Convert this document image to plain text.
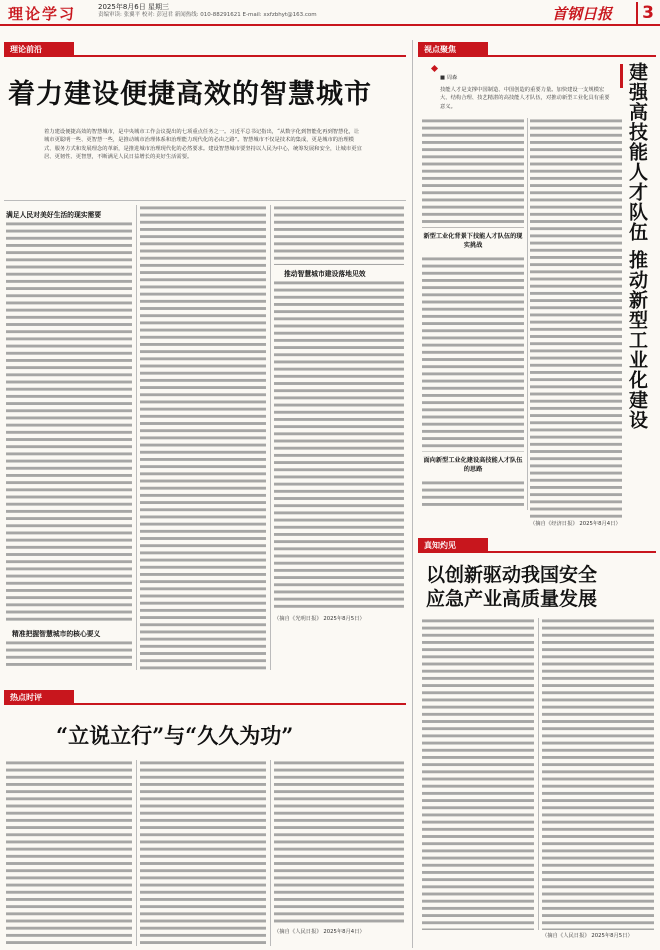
理论学习	2025年8月6日 星期三
责编审读: 张翼平 校对: 彭冠君 新闻热线: 010-88291621 E-mail: xxfzbhyt@163.com	首钢日报	3
理论前沿
着力建设便捷高效的智慧城市
着力建设便捷高效的智慧城市，是中央城市工作会议提出的七项重点任务之一。习近平总书记指出，“从数字化到智能化再到智慧化，让城市更聪明一些、更智慧一些，是推动城市治理体系和治理能力现代化的必由之路”。智慧城市不仅是技术的集成，更是城市的治理模式、服务方式和发展理念的革新，是推进城市治理现代化的必然要求。建设智慧城市要坚持以人民为中心，统筹发展和安全，让城市更宜居、更韧性、更智慧，不断满足人民日益增长的美好生活需要。
满足人民对美好生活的现实需要
精准把握智慧城市的核心要义
推动智慧城市建设落地见效
（摘自《光明日报》 2025年8月5日）
视点聚焦
建强高技能人才队伍 推动新型工业化建设
■ 周森
技能人才是支撑中国制造、中国创造的重要力量。加快建设一支规模宏大、结构合理、技艺精湛的高技能人才队伍，对推动新型工业化具有重要意义。
新型工业化背景下技能人才队伍的现实挑战
面向新型工业化建设高技能人才队伍的思路
（摘自《经济日报》 2025年8月4日）
真知灼见
以创新驱动我国安全
应急产业高质量发展
热点时评
“立说立行”与“久久为功”
（摘自《人民日报》 2025年8月4日）
（摘自《人民日报》 2025年8月5日）
